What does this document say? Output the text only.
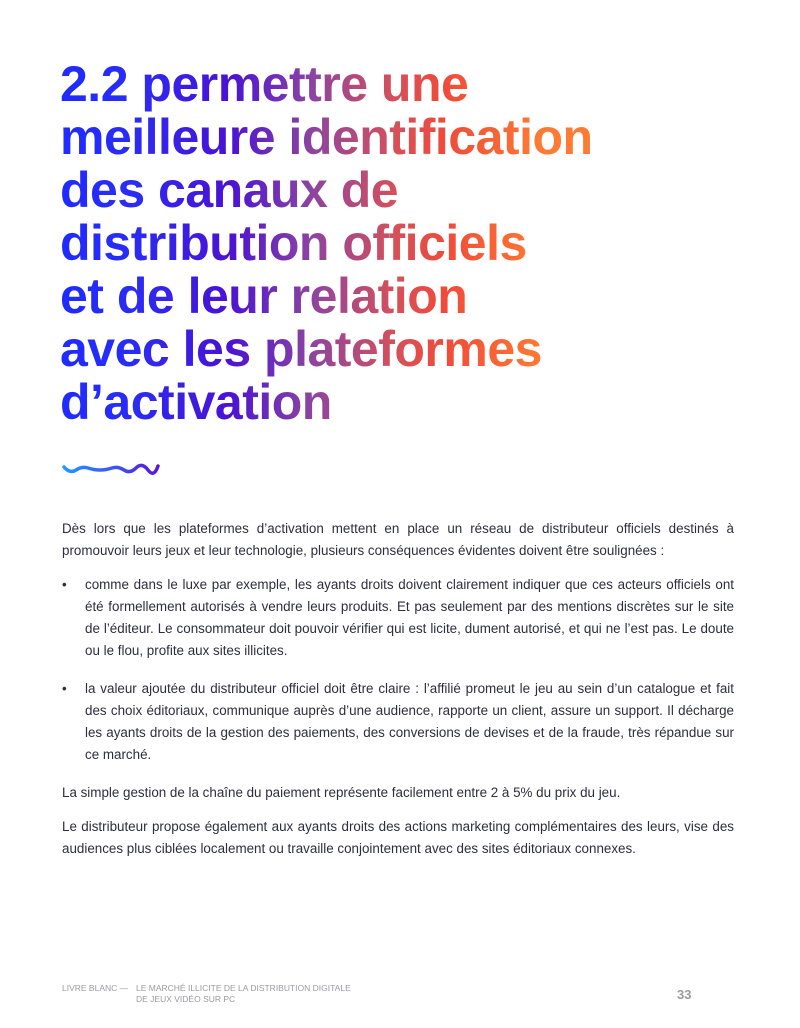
2.2 permettre une
meilleure identification
des canaux de
distribution officiels
et de leur relation
avec les plateformes
d’activation

Dès lors que les plateformes d’activation mettent en place un réseau de distributeur officiels destinés à promouvoir leurs jeux et leur technologie, plusieurs conséquences évidentes doivent être soulignées :

• comme dans le luxe par exemple, les ayants droits doivent clairement indiquer que ces acteurs officiels ont été formellement autorisés à vendre leurs produits. Et pas seulement par des mentions discrètes sur le site de l’éditeur. Le consommateur doit pouvoir vérifier qui est licite, dument autorisé, et qui ne l’est pas. Le doute ou le flou, profite aux sites illicites.
• la valeur ajoutée du distributeur officiel doit être claire : l’affilié promeut le jeu au sein d’un catalogue et fait des choix éditoriaux, communique auprès d’une audience, rapporte un client, assure un support. Il décharge les ayants droits de la gestion des paiements, des conversions de devises et de la fraude, très répandue sur ce marché.

La simple gestion de la chaîne du paiement représente facilement entre 2 à 5% du prix du jeu.

Le distributeur propose également aux ayants droits des actions marketing complémentaires des leurs, vise des audiences plus ciblées localement ou travaille conjointement avec des sites éditoriaux connexes.

LIVRE BLANC — LE MARCHÉ ILLICITE DE LA DISTRIBUTION DIGITALE
DE JEUX VIDÉO SUR PC	33
